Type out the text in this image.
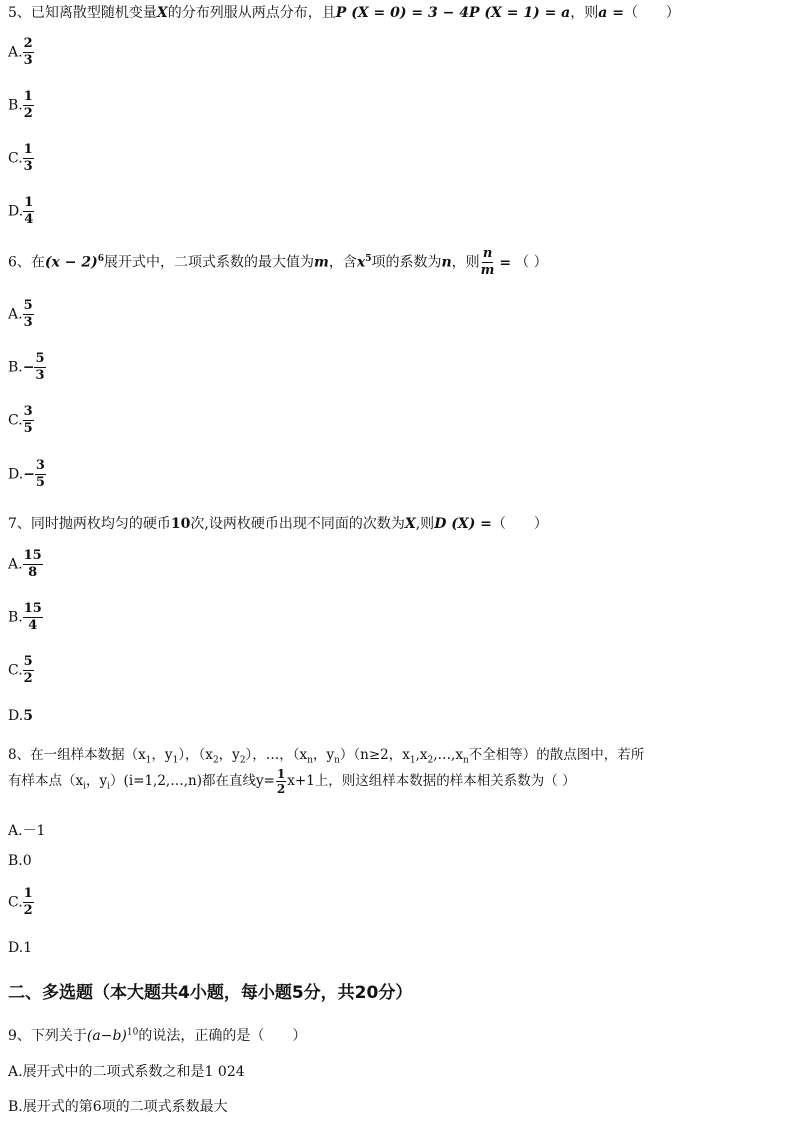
5、已知离散型随机变量X的分布列服从两点分布，且P (X = 0) = 3 − 4P (X = 1) = a，则a =（　　）
A. $\frac{2}{3}$
B. $\frac{1}{2}$
C. $\frac{1}{3}$
D. $\frac{1}{4}$
6、在$(x - 2)^6$展开式中，二项式系数的最大值为m，含$x^5$项的系数为n，则 $\frac{n}{m}$ = （ ）
A. $\frac{5}{3}$
$B.- \frac{5}{3}$
C. $\frac{3}{5}$
$D.- \frac{3}{5}$
7、同时抛两枚均匀的硬币10次,设两枚硬币出现不同面的次数为X,则D (X) =（　　）
A. $\frac{15}{8}$
B. $\frac{15}{4}$
C. $\frac{5}{2}$
D.5
8、在一组样本数据（$x_1$，$y_1$），（$x_2$，$y_2$），…，（$x_n$，$y_n)(n\ge 2$，$x_1,x_2,\dots,x_n$不全相等）的散点图中，若所
有样本点（$x_i$，$y_i)(i=1,2,\dots,n)$都在直线$y= \frac{1}{2} x+1$上，则这组样本数据的样本相关系数为（ ）
A.－1
B.0
C. $\frac{1}{2}$
D.1
二、多选题（本大题共4小题，每小题5分，共20分）
9、下列关于$(a-b)^{10}$的说法，正确的是（　　）
A.展开式中的二项式系数之和是1 024
B.展开式的第6项的二项式系数最大
